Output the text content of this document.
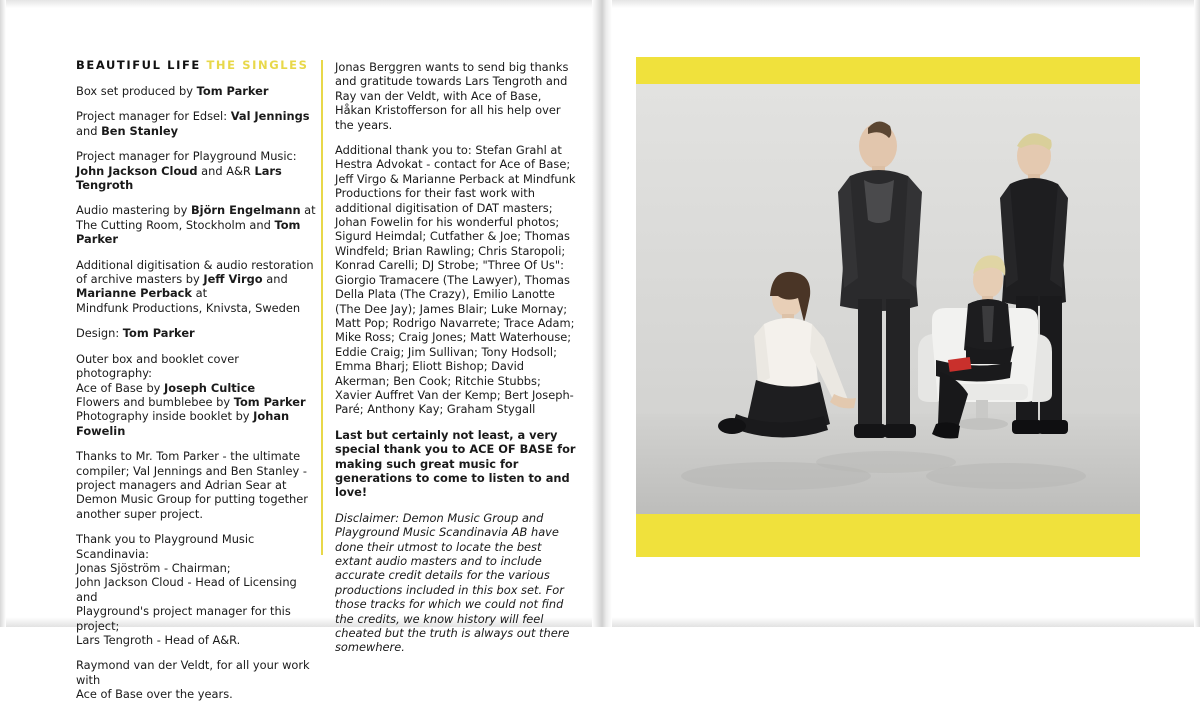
BEAUTIFUL LIFE THE SINGLES

Box set produced by Tom Parker

Project manager for Edsel: Val Jennings
and Ben Stanley

Project manager for Playground Music:
John Jackson Cloud and A&R Lars Tengroth

Audio mastering by Björn Engelmann at
The Cutting Room, Stockholm and Tom Parker

Additional digitisation & audio restoration
of archive masters by Jeff Virgo and
Marianne Perback at
Mindfunk Productions, Knivsta, Sweden

Design: Tom Parker

Outer box and booklet cover photography:
Ace of Base by Joseph Cultice
Flowers and bumblebee by Tom Parker
Photography inside booklet by Johan Fowelin

Thanks to Mr. Tom Parker - the ultimate
compiler; Val Jennings and Ben Stanley -
project managers and Adrian Sear at
Demon Music Group for putting together
another super project.

Thank you to Playground Music Scandinavia:
Jonas Sjöström - Chairman;
John Jackson Cloud - Head of Licensing and
Playground's project manager for this project;
Lars Tengroth - Head of A&R.

Raymond van der Veldt, for all your work with
Ace of Base over the years.

Jonas Berggren wants to send big thanks and gratitude towards Lars Tengroth and Ray van der Veldt, with Ace of Base, Håkan Kristofferson for all his help over the years.

Additional thank you to: Stefan Grahl at Hestra Advokat - contact for Ace of Base; Jeff Virgo & Marianne Perback at Mindfunk Productions for their fast work with additional digitisation of DAT masters; Johan Fowelin for his wonderful photos; Sigurd Heimdal; Cutfather & Joe; Thomas Windfeld; Brian Rawling; Chris Staropoli; Konrad Carelli; DJ Strobe; "Three Of Us": Giorgio Tramacere (The Lawyer), Thomas Della Plata (The Crazy), Emilio Lanotte (The Dee Jay); James Blair; Luke Mornay; Matt Pop; Rodrigo Navarrete; Trace Adam; Mike Ross; Craig Jones; Matt Waterhouse; Eddie Craig; Jim Sullivan; Tony Hodsoll; Emma Bharj; Eliott Bishop; David Akerman; Ben Cook; Ritchie Stubbs; Xavier Auffret Van der Kemp; Bert Joseph-Paré; Anthony Kay; Graham Stygall

Last but certainly not least, a very special thank you to ACE OF BASE for making such great music for generations to come to listen to and love!

Disclaimer: Demon Music Group and Playground Music Scandinavia AB have done their utmost to locate the best extant audio masters and to include accurate credit details for the various productions included in this box set. For those tracks for which we could not find the credits, we know history will feel cheated but the truth is always out there somewhere.
